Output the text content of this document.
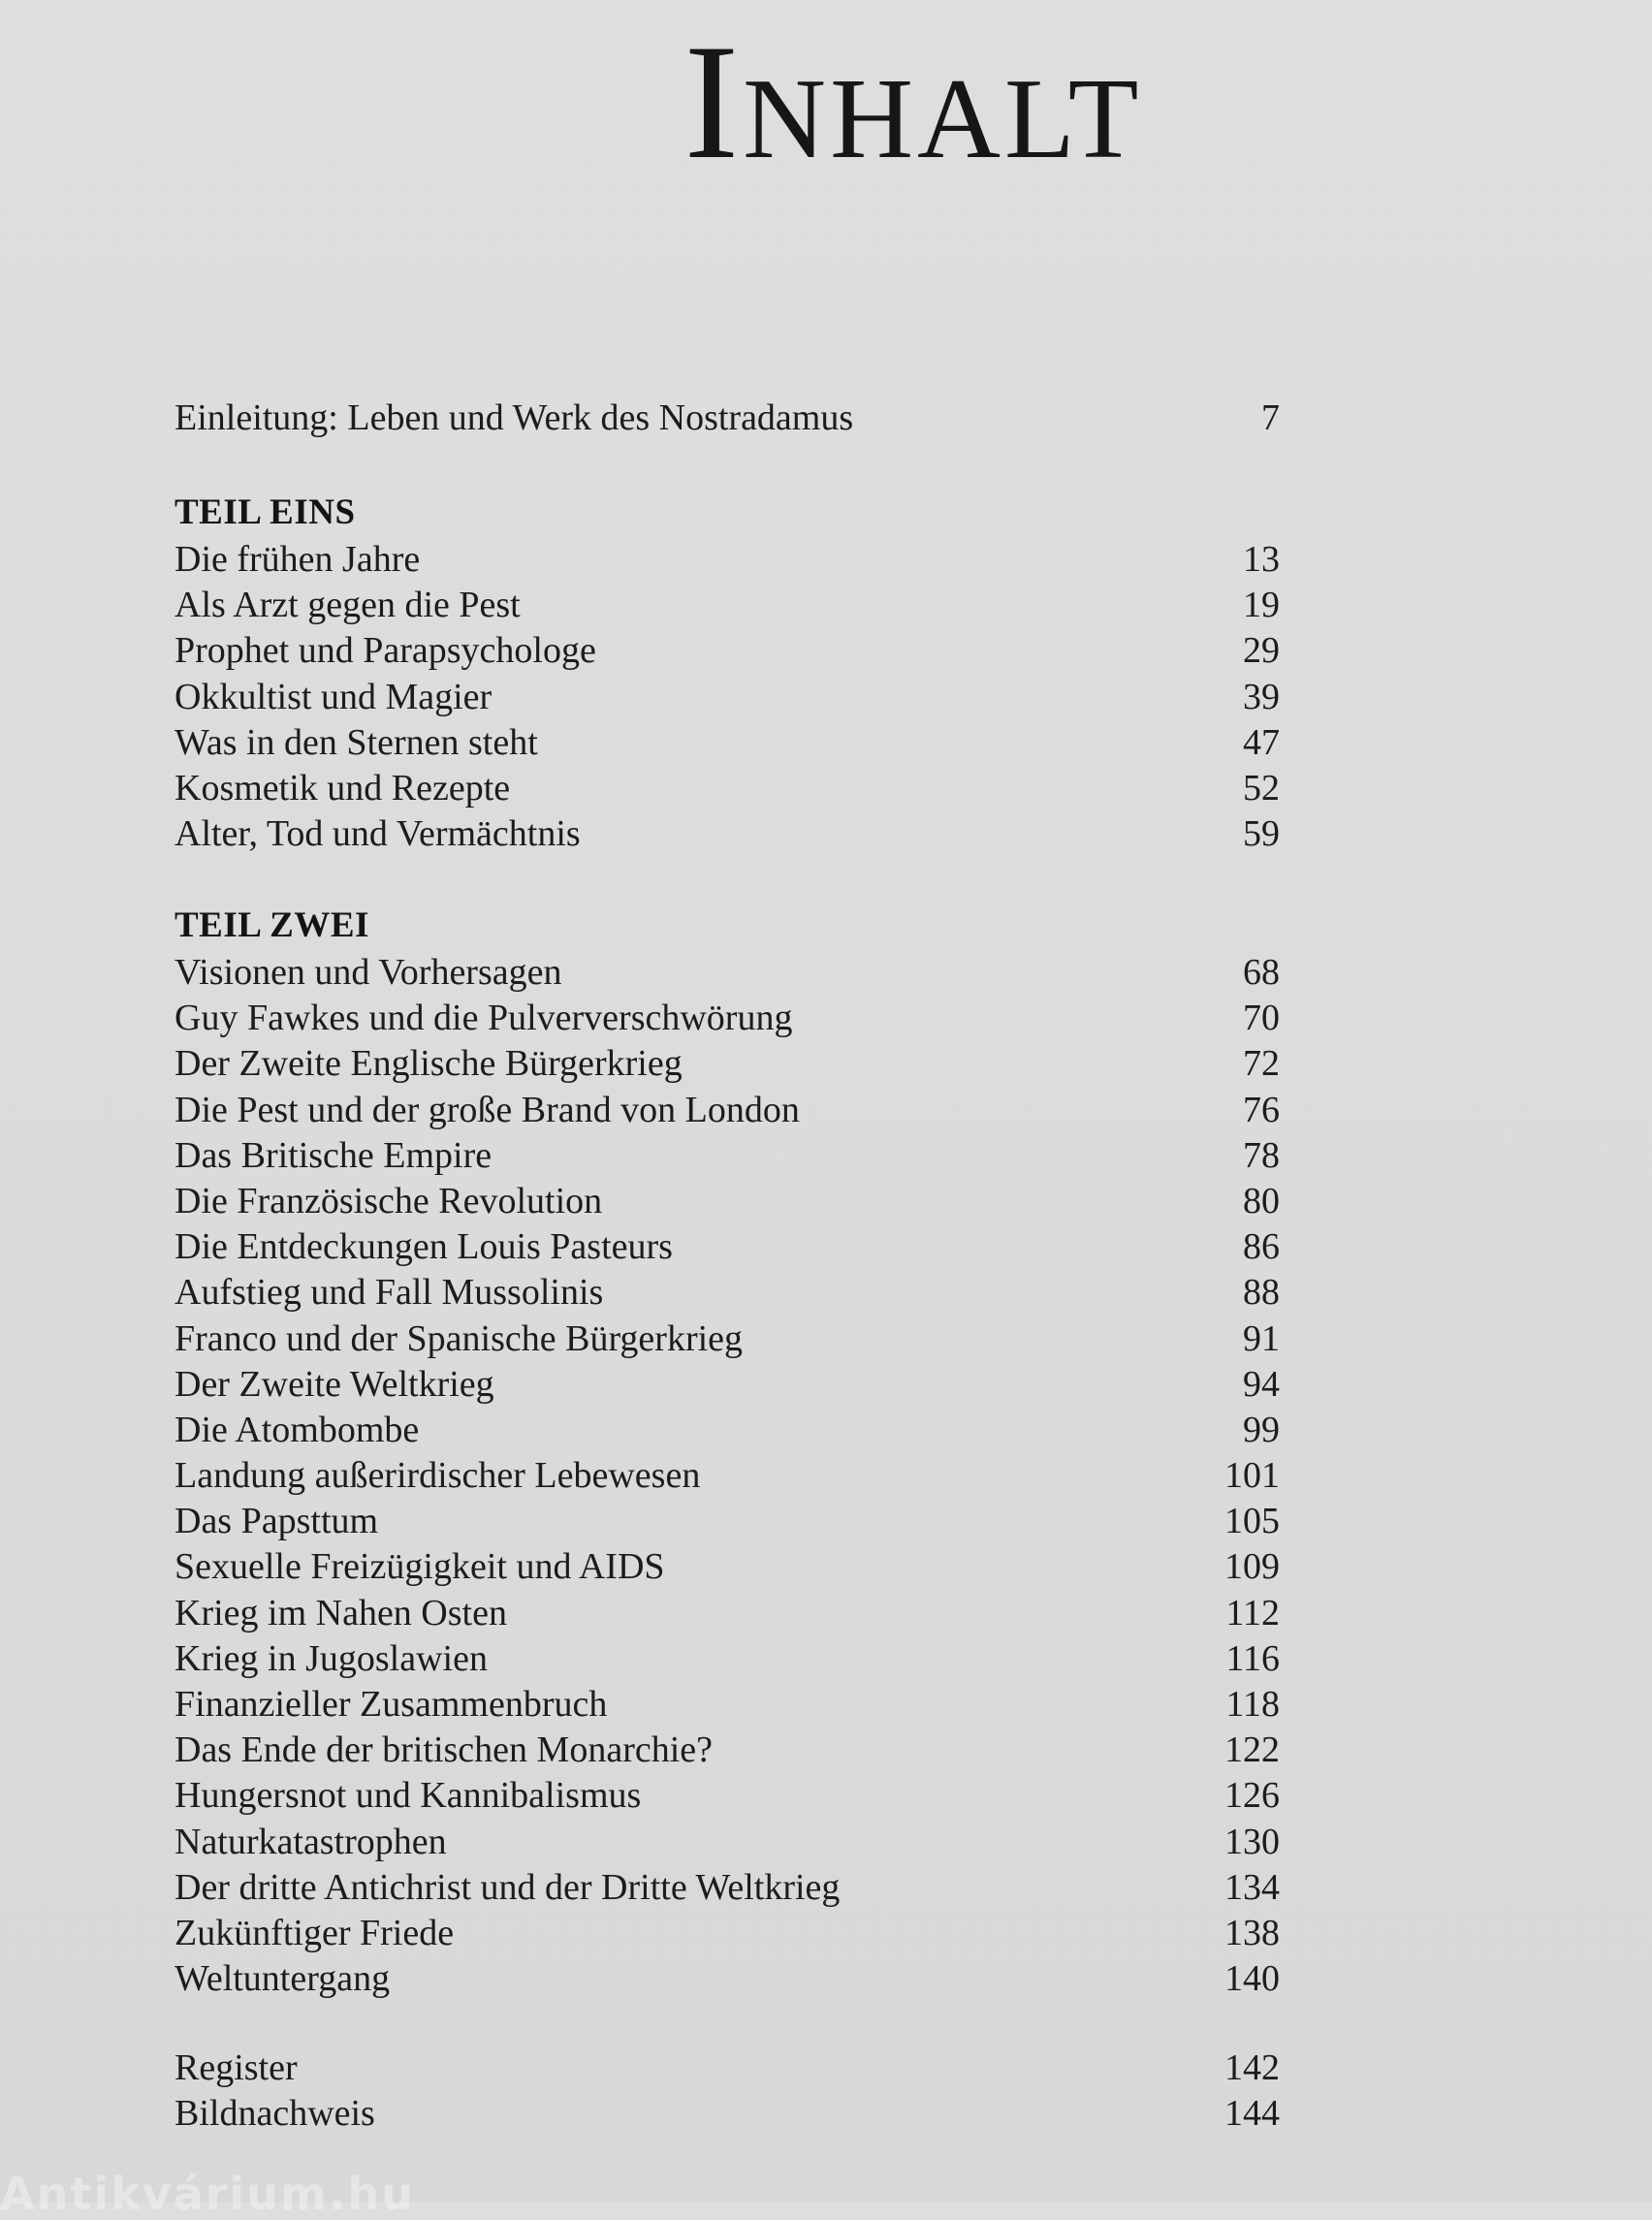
Inhalt
Einleitung: Leben und Werk des Nostradamus	7
TEIL EINS
Die frühen Jahre	13
Als Arzt gegen die Pest	19
Prophet und Parapsychologe	29
Okkultist und Magier	39
Was in den Sternen steht	47
Kosmetik und Rezepte	52
Alter, Tod und Vermächtnis	59
TEIL ZWEI
Visionen und Vorhersagen	68
Guy Fawkes und die Pulververschwörung	70
Der Zweite Englische Bürgerkrieg	72
Die Pest und der große Brand von London	76
Das Britische Empire	78
Die Französische Revolution	80
Die Entdeckungen Louis Pasteurs	86
Aufstieg und Fall Mussolinis	88
Franco und der Spanische Bürgerkrieg	91
Der Zweite Weltkrieg	94
Die Atombombe	99
Landung außerirdischer Lebewesen	101
Das Papsttum	105
Sexuelle Freizügigkeit und AIDS	109
Krieg im Nahen Osten	112
Krieg in Jugoslawien	116
Finanzieller Zusammenbruch	118
Das Ende der britischen Monarchie?	122
Hungersnot und Kannibalismus	126
Naturkatastrophen	130
Der dritte Antichrist und der Dritte Weltkrieg	134
Zukünftiger Friede	138
Weltuntergang	140
Register	142
Bildnachweis	144
Antikvárium.hu
